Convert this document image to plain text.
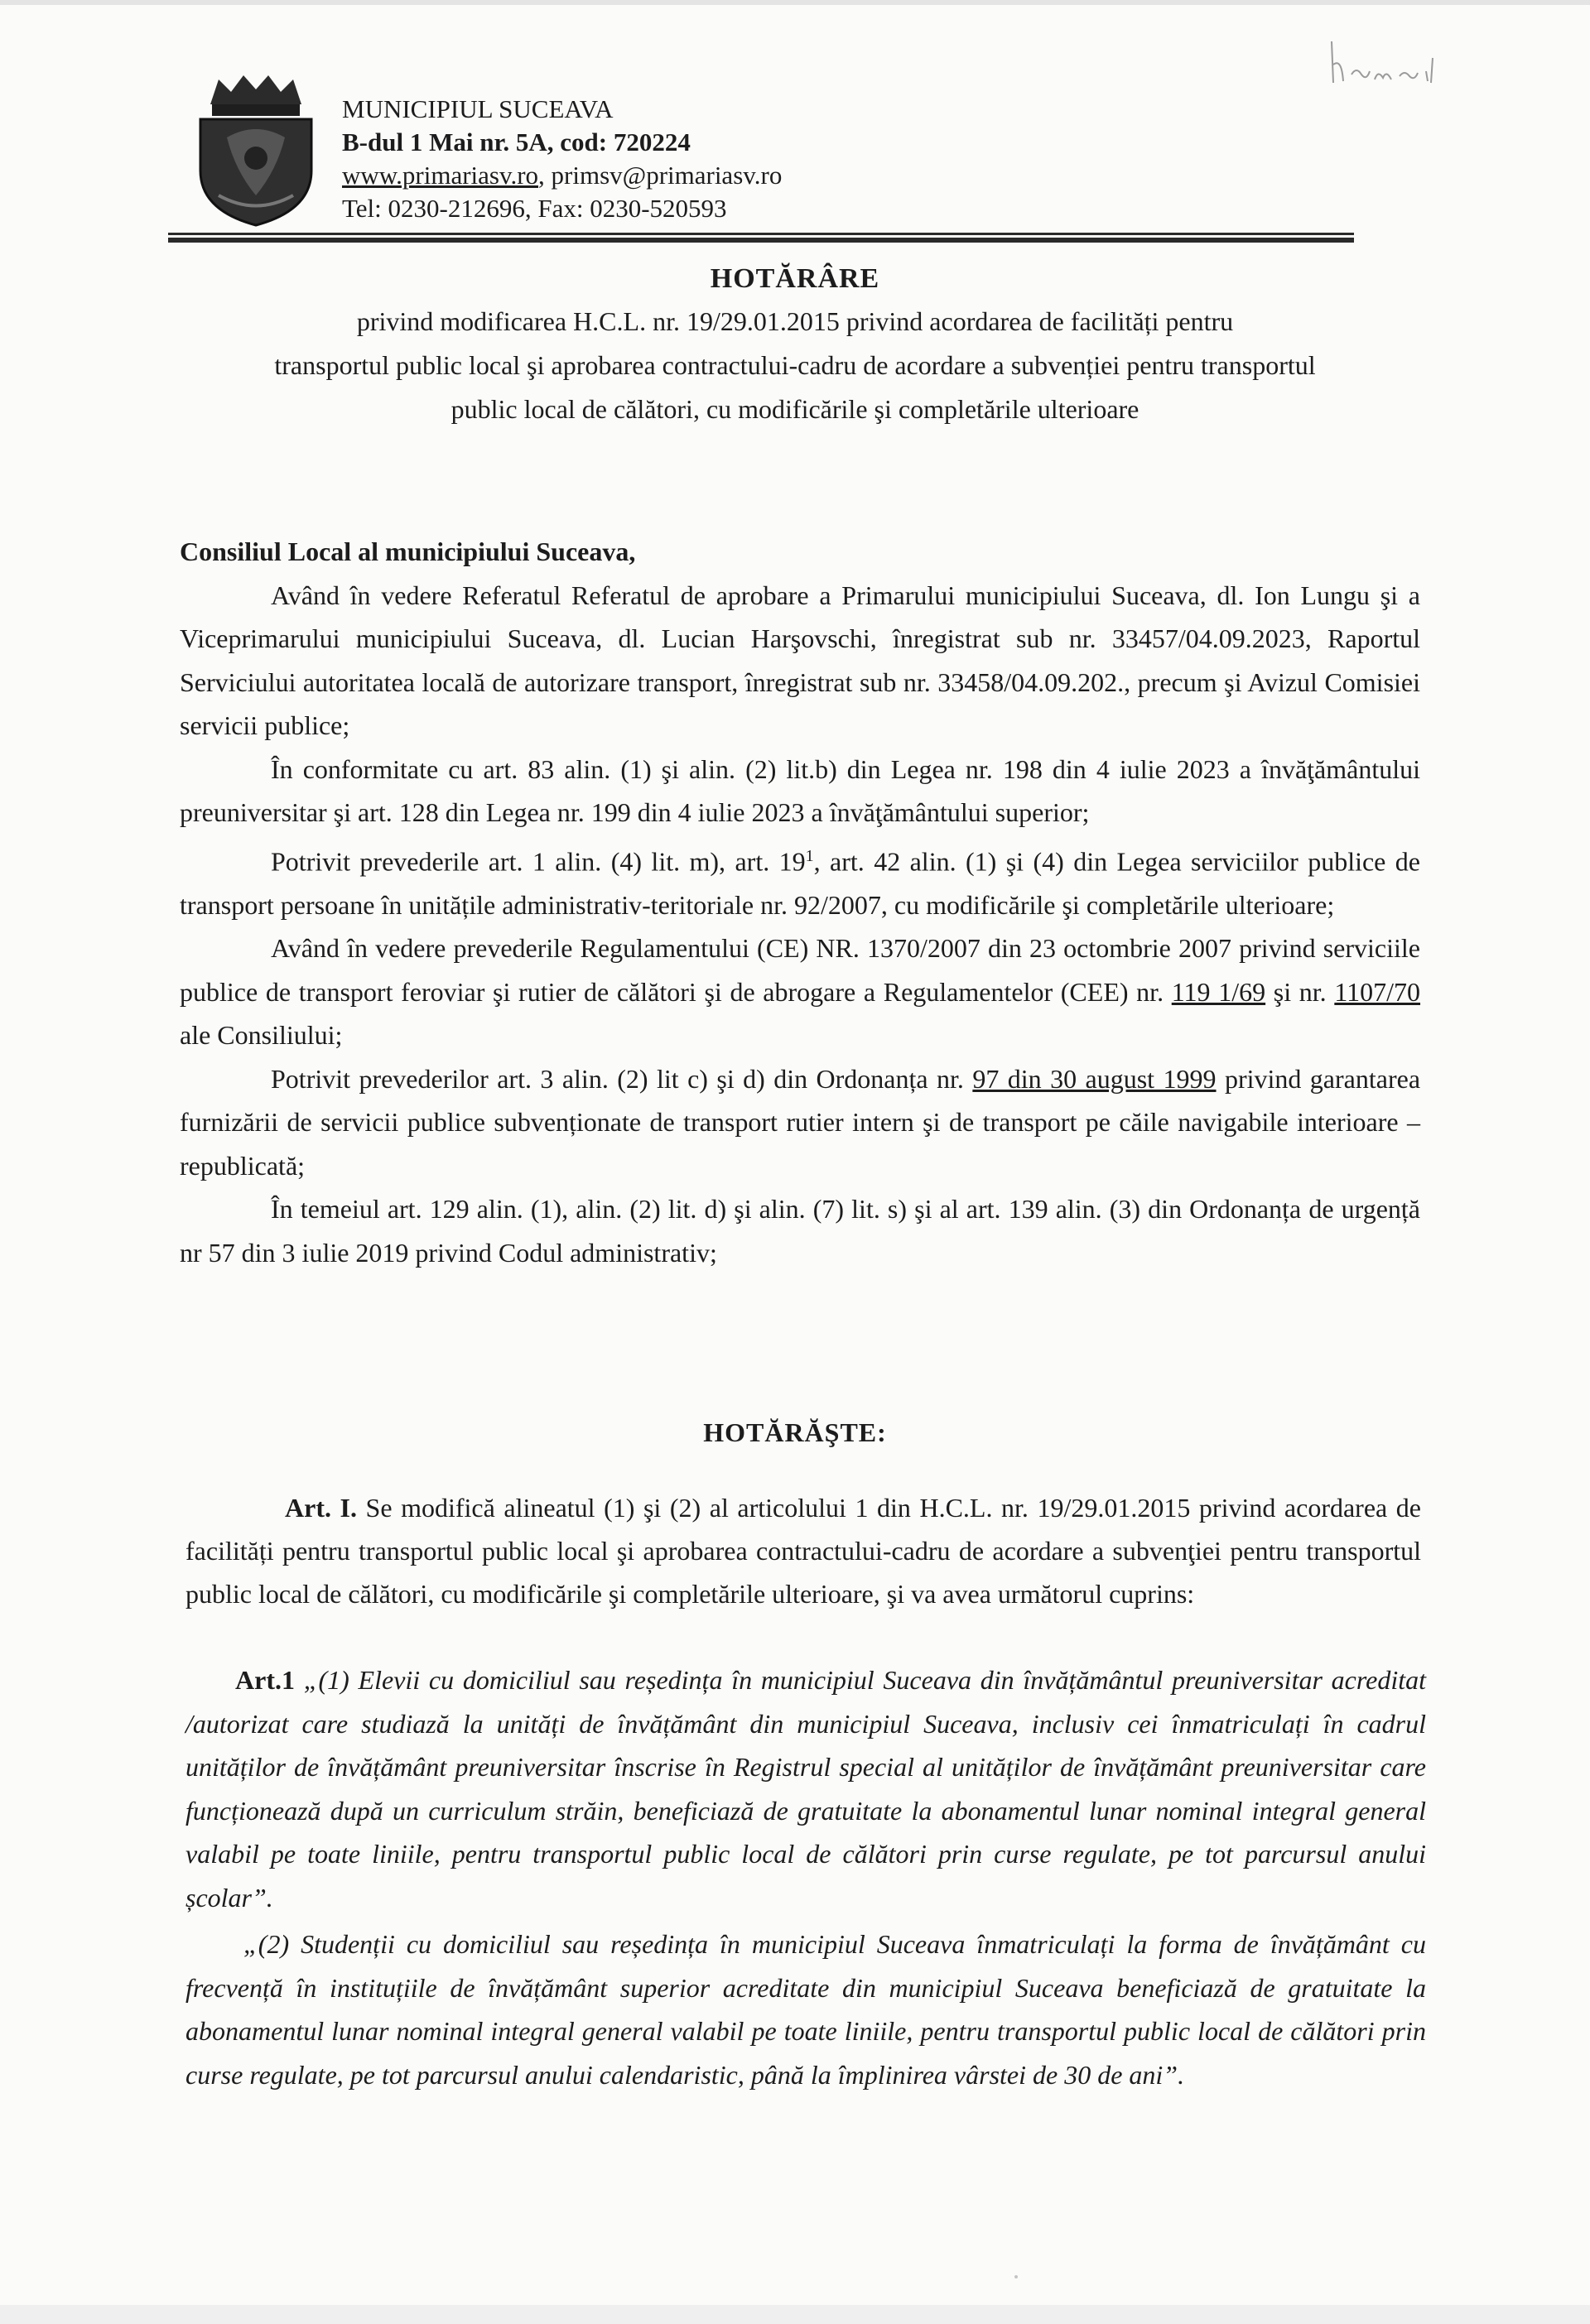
MUNICIPIUL SUCEAVA
B-dul 1 Mai nr. 5A, cod: 720224
www.primariasv.ro, primsv@primariasv.ro
Tel: 0230-212696, Fax: 0230-520593
HOTĂRÂRE
privind modificarea H.C.L. nr. 19/29.01.2015 privind acordarea de facilități pentru
transportul public local şi aprobarea contractului-cadru de acordare a subvenției pentru transportul
public local de călători, cu modificările şi completările ulterioare

Consiliul Local al municipiului Suceava,

Având în vedere Referatul Referatul de aprobare a Primarului municipiului Suceava, dl. Ion Lungu şi a Viceprimarului municipiului Suceava, dl. Lucian Harşovschi, înregistrat sub nr. 33457/04.09.2023, Raportul Serviciului autoritatea locală de autorizare transport, înregistrat sub nr. 33458/04.09.202., precum şi Avizul Comisiei servicii publice;

În conformitate cu art. 83 alin. (1) şi alin. (2) lit.b) din Legea nr. 198 din 4 iulie 2023 a învăţământului preuniversitar şi art. 128 din Legea nr. 199 din 4 iulie 2023 a învăţământului superior;

Potrivit prevederile art. 1 alin. (4) lit. m), art. $19^1$, art. 42 alin. (1) şi (4) din Legea serviciilor publice de transport persoane în unitățile administrativ-teritoriale nr. 92/2007, cu modificările şi completările ulterioare;

Având în vedere prevederile Regulamentului (CE) NR. 1370/2007 din 23 octombrie 2007 privind serviciile publice de transport feroviar şi rutier de călători şi de abrogare a Regulamentelor (CEE) nr. 119 1/69 şi nr. 1107/70 ale Consiliului;

Potrivit prevederilor art. 3 alin. (2) lit c) şi d) din Ordonanța nr. 97 din 30 august 1999 privind garantarea furnizării de servicii publice subvenționate de transport rutier intern şi de transport pe căile navigabile interioare – republicată;

În temeiul art. 129 alin. (1), alin. (2) lit. d) şi alin. (7) lit. s) şi al art. 139 alin. (3) din Ordonanța de urgență nr 57 din 3 iulie 2019 privind Codul administrativ;

HOTĂRĂŞTE:

Art. I. Se modifică alineatul (1) şi (2) al articolului 1 din H.C.L. nr. 19/29.01.2015 privind acordarea de facilități pentru transportul public local şi aprobarea contractului-cadru de acordare a subvenţiei pentru transportul public local de călători, cu modificările şi completările ulterioare, şi va avea următorul cuprins:

Art.1 „(1) Elevii cu domiciliul sau reședința în municipiul Suceava din învățământul preuniversitar acreditat /autorizat care studiază la unități de învățământ din municipiul Suceava, inclusiv cei înmatriculați în cadrul unităților de învățământ preuniversitar înscrise în Registrul special al unităților de învățământ preuniversitar care funcționează după un curriculum străin, beneficiază de gratuitate la abonamentul lunar nominal integral general valabil pe toate liniile, pentru transportul public local de călători prin curse regulate, pe tot parcursul anului școlar”.

„(2) Studenții cu domiciliul sau reședința în municipiul Suceava înmatriculați la forma de învățământ cu frecvență în instituțiile de învățământ superior acreditate din municipiul Suceava beneficiază de gratuitate la abonamentul lunar nominal integral general valabil pe toate liniile, pentru transportul public local de călători prin curse regulate, pe tot parcursul anului calendaristic, până la împlinirea vârstei de 30 de ani”.
